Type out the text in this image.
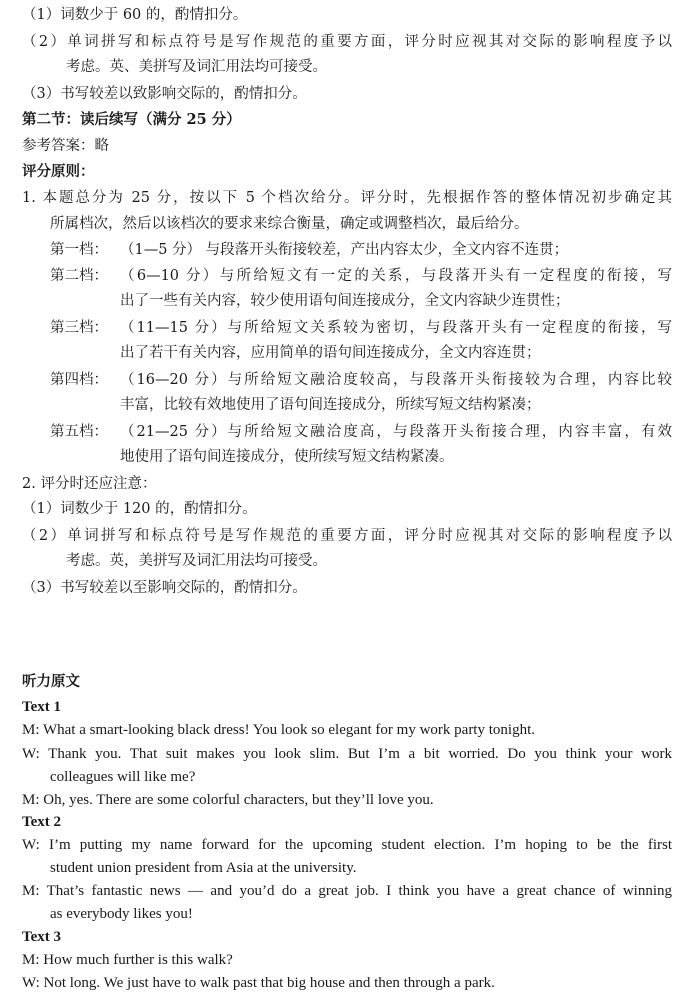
（1）词数少于 60 的，酌情扣分。
（2）单词拼写和标点符号是写作规范的重要方面，评分时应视其对交际的影响程度予以
考虑。英、美拼写及词汇用法均可接受。
（3）书写较差以致影响交际的，酌情扣分。
第二节：读后续写（满分 25 分）
参考答案：略
评分原则：
1. 本题总分为 25 分，按以下 5 个档次给分。评分时，先根据作答的整体情况初步确定其
所属档次，然后以该档次的要求来综合衡量，确定或调整档次，最后给分。
第一档： （1—5 分） 与段落开头衔接较差，产出内容太少，全文内容不连贯；
第二档： （6—10 分）与所给短文有一定的关系，与段落开头有一定程度的衔接，写
出了一些有关内容，较少使用语句间连接成分，全文内容缺少连贯性；
第三档： （11—15 分）与所给短文关系较为密切，与段落开头有一定程度的衔接，写
出了若干有关内容，应用简单的语句间连接成分，全文内容连贯；
第四档： （16—20 分）与所给短文融洽度较高，与段落开头衔接较为合理，内容比较
丰富，比较有效地使用了语句间连接成分，所续写短文结构紧凑；
第五档： （21—25 分）与所给短文融洽度高，与段落开头衔接合理，内容丰富，有效
地使用了语句间连接成分，使所续写短文结构紧凑。
2. 评分时还应注意：
（1）词数少于 120 的，酌情扣分。
（2）单词拼写和标点符号是写作规范的重要方面，评分时应视其对交际的影响程度予以
考虑。英，美拼写及词汇用法均可接受。
（3）书写较差以至影响交际的，酌情扣分。
听力原文
Text 1
M: What a smart-looking black dress! You look so elegant for my work party tonight.
W: Thank you. That suit makes you look slim. But I’m a bit worried. Do you think your work
colleagues will like me?
M: Oh, yes. There are some colorful characters, but they’ll love you.
Text 2
W: I’m putting my name forward for the upcoming student election. I’m hoping to be the first
student union president from Asia at the university.
M: That’s fantastic news — and you’d do a great job. I think you have a great chance of winning
as everybody likes you!
Text 3
M: How much further is this walk?
W: Not long. We just have to walk past that big house and then through a park.
